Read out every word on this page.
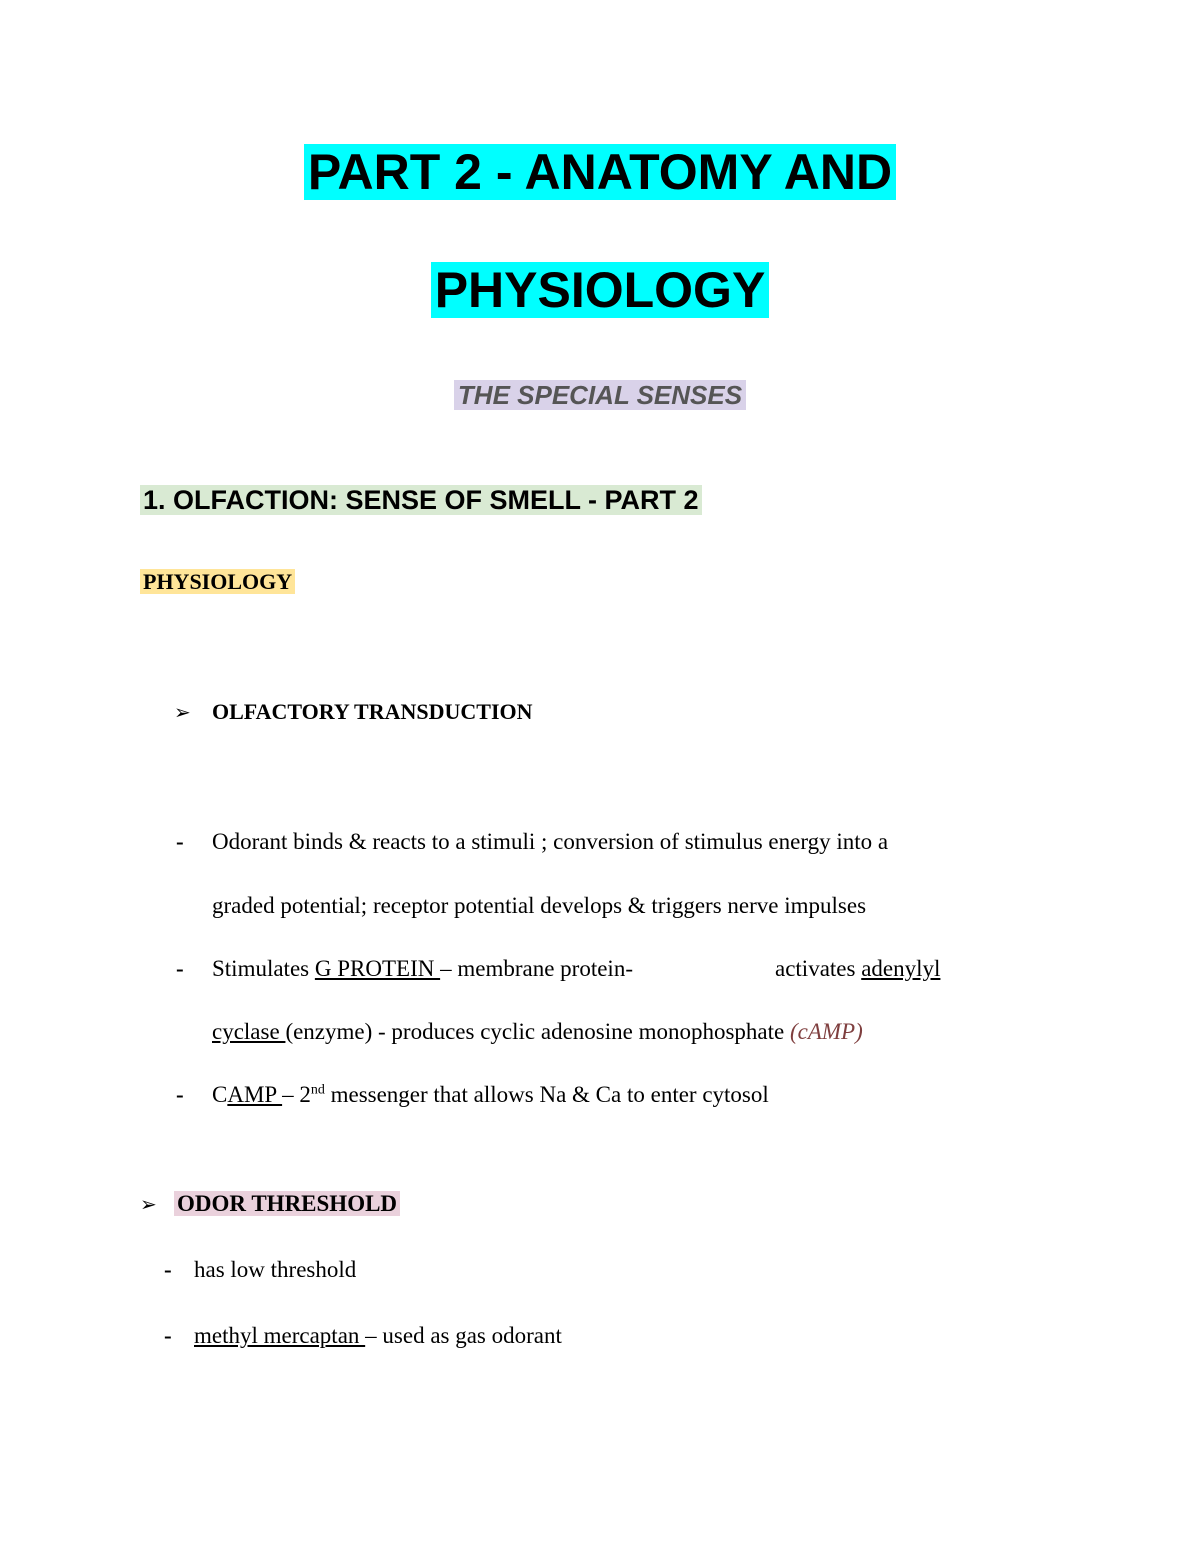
PART 2 - ANATOMY AND
PHYSIOLOGY
THE SPECIAL SENSES
1. OLFACTION: SENSE OF SMELL - PART 2
PHYSIOLOGY
➢ OLFACTORY TRANSDUCTION
- Odorant binds & reacts to a stimuli ; conversion of stimulus energy into a
graded potential; receptor potential develops & triggers nerve impulses
- Stimulates G PROTEIN – membrane protein-	activates adenylyl
cyclase (enzyme) - produces cyclic adenosine monophosphate (cAMP)
- CAMP – 2nd messenger that allows Na & Ca to enter cytosol
➢ ODOR THRESHOLD
- has low threshold
- methyl mercaptan – used as gas odorant
